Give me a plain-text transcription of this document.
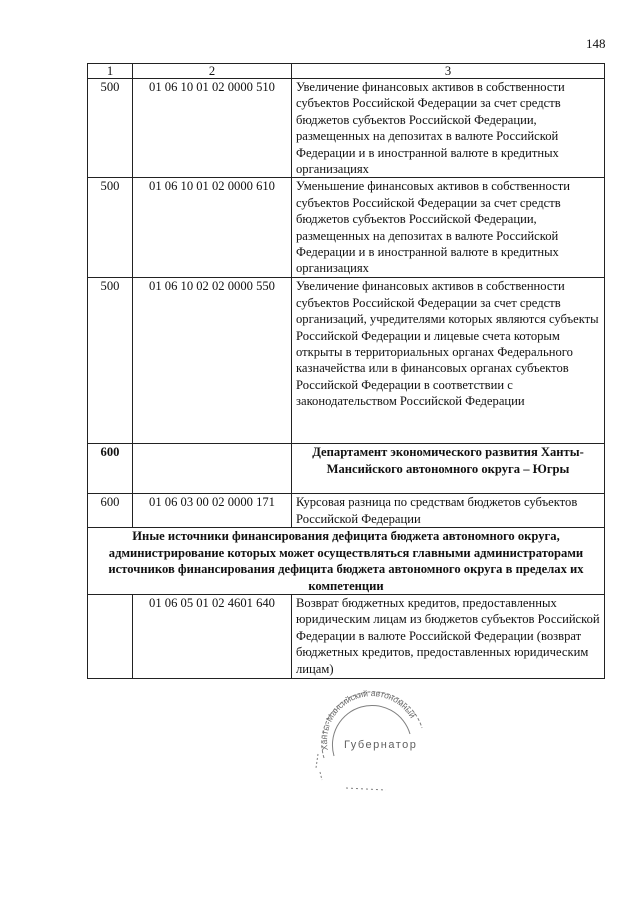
148
1	2	3
500	01 06 10 01 02 0000 510	Увеличение финансовых активов в собственности субъектов Российской Федерации за счет средств бюджетов субъектов Российской Федерации, размещенных на депозитах в валюте Российской Федерации и в иностранной валюте в кредитных организациях
500	01 06 10 01 02 0000 610	Уменьшение финансовых активов в собственности субъектов Российской Федерации за счет средств бюджетов субъектов Российской Федерации, размещенных на депозитах в валюте Российской Федерации и в иностранной валюте в кредитных организациях
500	01 06 10 02 02 0000 550	Увеличение финансовых активов в собственности субъектов Российской Федерации за счет средств организаций, учредителями которых являются субъекты Российской Федерации и лицевые счета которым открыты в территориальных органах Федерального казначейства или в финансовых органах субъектов Российской Федерации в соответствии с законодательством Российской Федерации
600		Департамент экономического развития Ханты-Мансийского автономного округа – Югры
600	01 06 03 00 02 0000 171	Курсовая разница по средствам бюджетов субъектов Российской Федерации
Иные источники финансирования дефицита бюджета автономного округа, администрирование которых может осуществляться главными администраторами источников финансирования дефицита бюджета автономного округа в пределах их компетенции		
	01 06 05 01 02 4601 640	Возврат бюджетных кредитов, предоставленных юридическим лицам из бюджетов субъектов Российской Федерации в валюте Российской Федерации (возврат бюджетных кредитов, предоставленных юридическим лицам)
Ханты-Мансийский автономный
Губернатор
